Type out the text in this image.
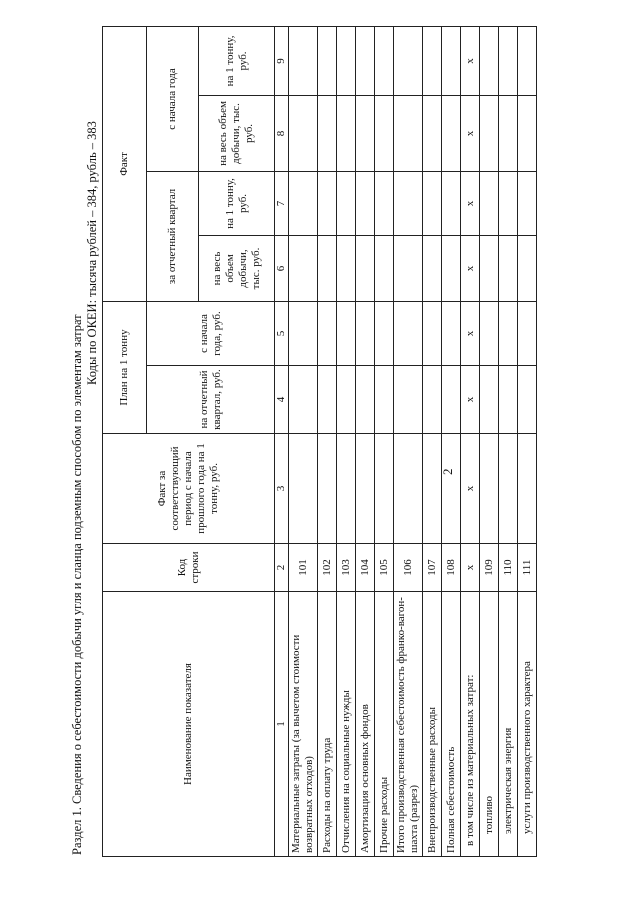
2
Раздел 1. Сведения о себестоимости добычи угля и сланца подземным способом по элементам затрат
Коды по ОКЕИ: тысяча рублей – 384, рубль – 383
Наименование показателя	Код строки	Факт за соответствующий период с начала прошлого года на 1 тонну, руб.	План на 1 тонну		Факт			
			на отчетный квартал, руб.	с начала года, руб.	за отчетный квартал		с начала года	
					на весь объем добычи, тыс. руб.	на 1 тонну, руб.	на весь объем добычи, тыс. руб.	на 1 тонну, руб.
1	2	3	4	5	6	7	8	9
Материальные затраты (за вычетом стоимости возвратных отходов)	101							
Расходы на оплату труда	102							
Отчисления на социальные нужды	103							
Амортизация основных фондов	104							
Прочие расходы	105							
Итого производственная себестоимость франко-вагон-шахта (разрез)	106							
Внепроизводственные расходы	107							
Полная себестоимость	108							
в том числе из материальных затрат:	х	х	х	х	х	х	х	х
топливо	109							
электрическая энергия	110							
услуги производственного характера	111							
